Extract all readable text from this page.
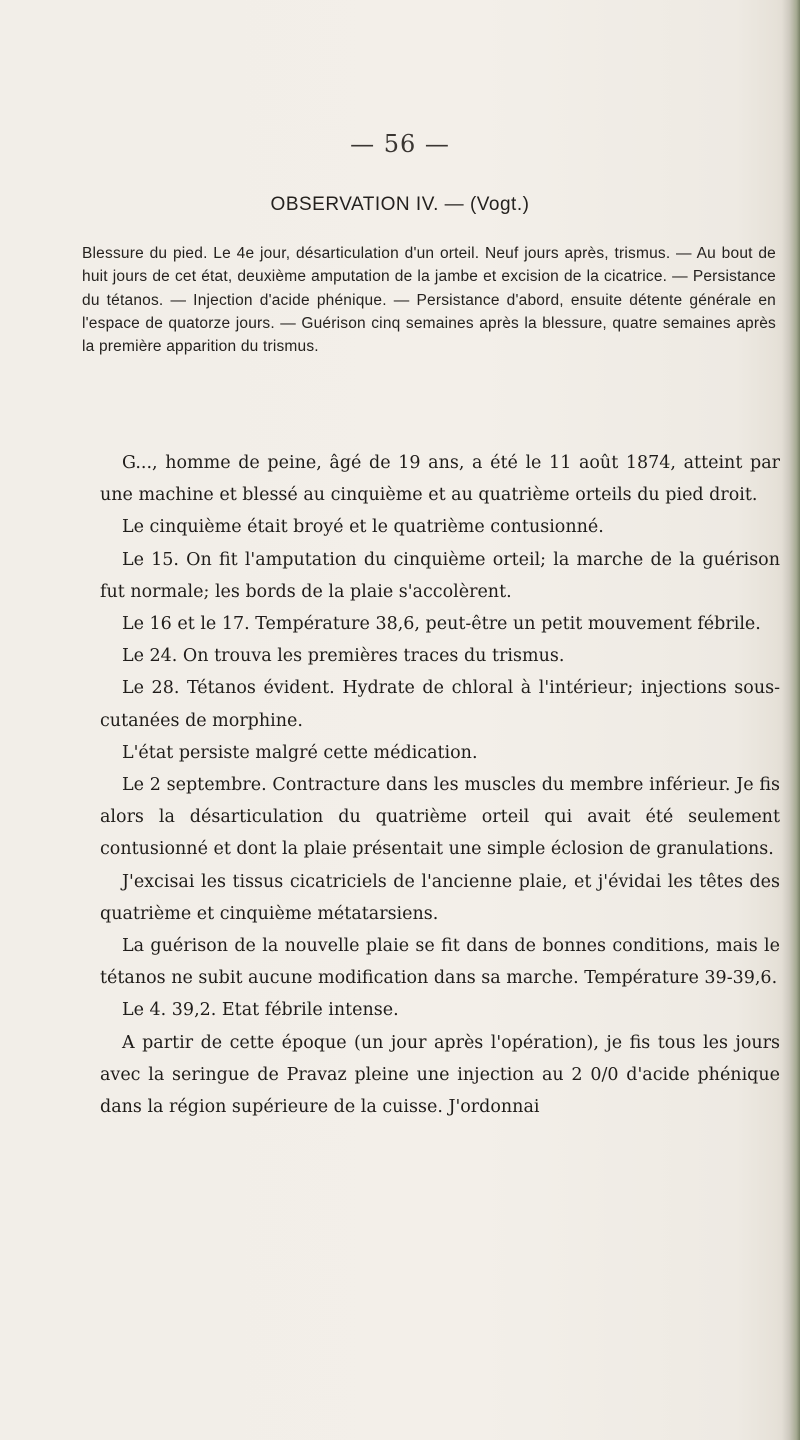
— 56 —
OBSERVATION IV. — (Vogt.)
Blessure du pied. Le 4e jour, désarticulation d'un orteil. Neuf jours après, trismus. — Au bout de huit jours de cet état, deuxième amputation de la jambe et excision de la cicatrice. — Persistance du tétanos. — Injection d'acide phénique. — Persistance d'abord, ensuite détente générale en l'espace de quatorze jours. — Guérison cinq semaines après la blessure, quatre semaines après la première apparition du trismus.

G..., homme de peine, âgé de 19 ans, a été le 11 août 1874, atteint par une machine et blessé au cinquième et au quatrième orteils du pied droit.

Le cinquième était broyé et le quatrième contusionné.

Le 15. On fit l'amputation du cinquième orteil; la marche de la guérison fut normale; les bords de la plaie s'accolèrent.

Le 16 et le 17. Température 38,6, peut-être un petit mouvement fébrile.

Le 24. On trouva les premières traces du trismus.

Le 28. Tétanos évident. Hydrate de chloral à l'intérieur; injections sous-cutanées de morphine.

L'état persiste malgré cette médication.

Le 2 septembre. Contracture dans les muscles du membre inférieur. Je fis alors la désarticulation du quatrième orteil qui avait été seulement contusionné et dont la plaie présentait une simple éclosion de granulations.

J'excisai les tissus cicatriciels de l'ancienne plaie, et j'évidai les têtes des quatrième et cinquième métatarsiens.

La guérison de la nouvelle plaie se fit dans de bonnes conditions, mais le tétanos ne subit aucune modification dans sa marche. Température 39-39,6.

Le 4. 39,2. Etat fébrile intense.

A partir de cette époque (un jour après l'opération), je fis tous les jours avec la seringue de Pravaz pleine une injection au 2 0/0 d'acide phénique dans la région supérieure de la cuisse. J'ordonnai
